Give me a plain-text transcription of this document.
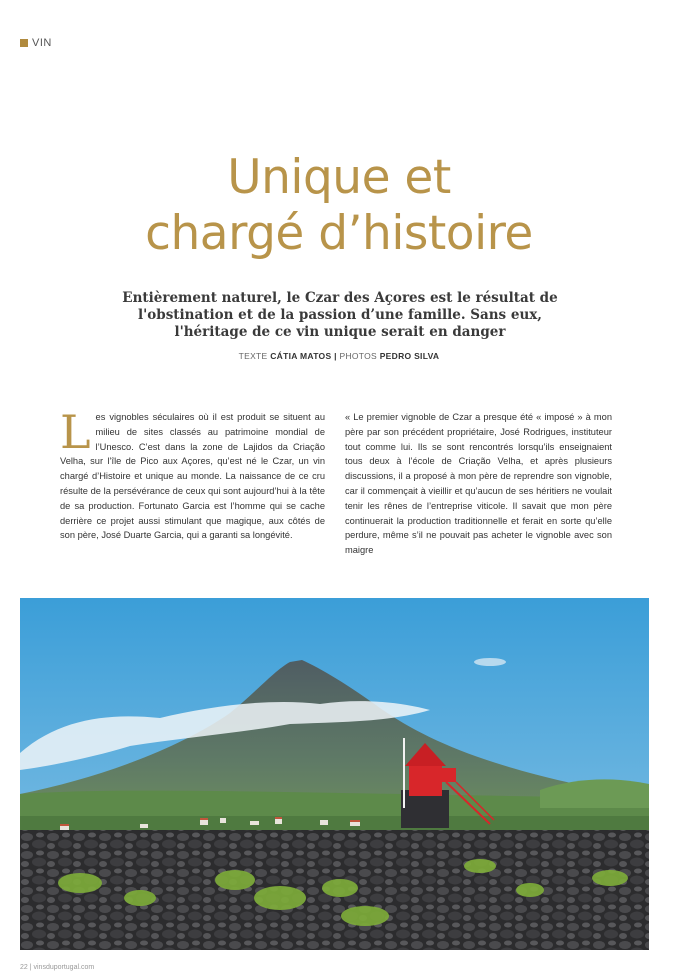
VIN
Unique et
chargé d’histoire
Entièrement naturel, le Czar des Açores est le résultat de l'obstination et de la passion d’une famille. Sans eux, l'héritage de ce vin unique serait en danger
TEXTE CÁTIA MATOS | PHOTOS PEDRO SILVA
Les vignobles séculaires où il est produit se situent au milieu de sites classés au patrimoine mondial de l’Unesco. C’est dans la zone de Lajidos da Criação Velha, sur l’île de Pico aux Açores, qu’est né le Czar, un vin chargé d’Histoire et unique au monde. La naissance de ce cru résulte de la persévérance de ceux qui sont aujourd’hui à la tête de sa production. Fortunato Garcia est l’homme qui se cache derrière ce projet aussi stimulant que magique, aux côtés de son père, José Duarte Garcia, qui a garanti sa longévité.
« Le premier vignoble de Czar a presque été « imposé » à mon père par son précédent propriétaire, José Rodrigues, instituteur tout comme lui. Ils se sont rencontrés lorsqu’ils enseignaient tous deux à l’école de Criação Velha, et après plusieurs discussions, il a proposé à mon père de reprendre son vignoble, car il commençait à vieillir et qu’aucun de ses héritiers ne voulait tenir les rênes de l’entreprise viticole. Il savait que mon père continuerait la production traditionnelle et ferait en sorte qu’elle perdure, même s’il ne pouvait pas acheter le vignoble avec son maigre
22 | vinsduportugal.com
